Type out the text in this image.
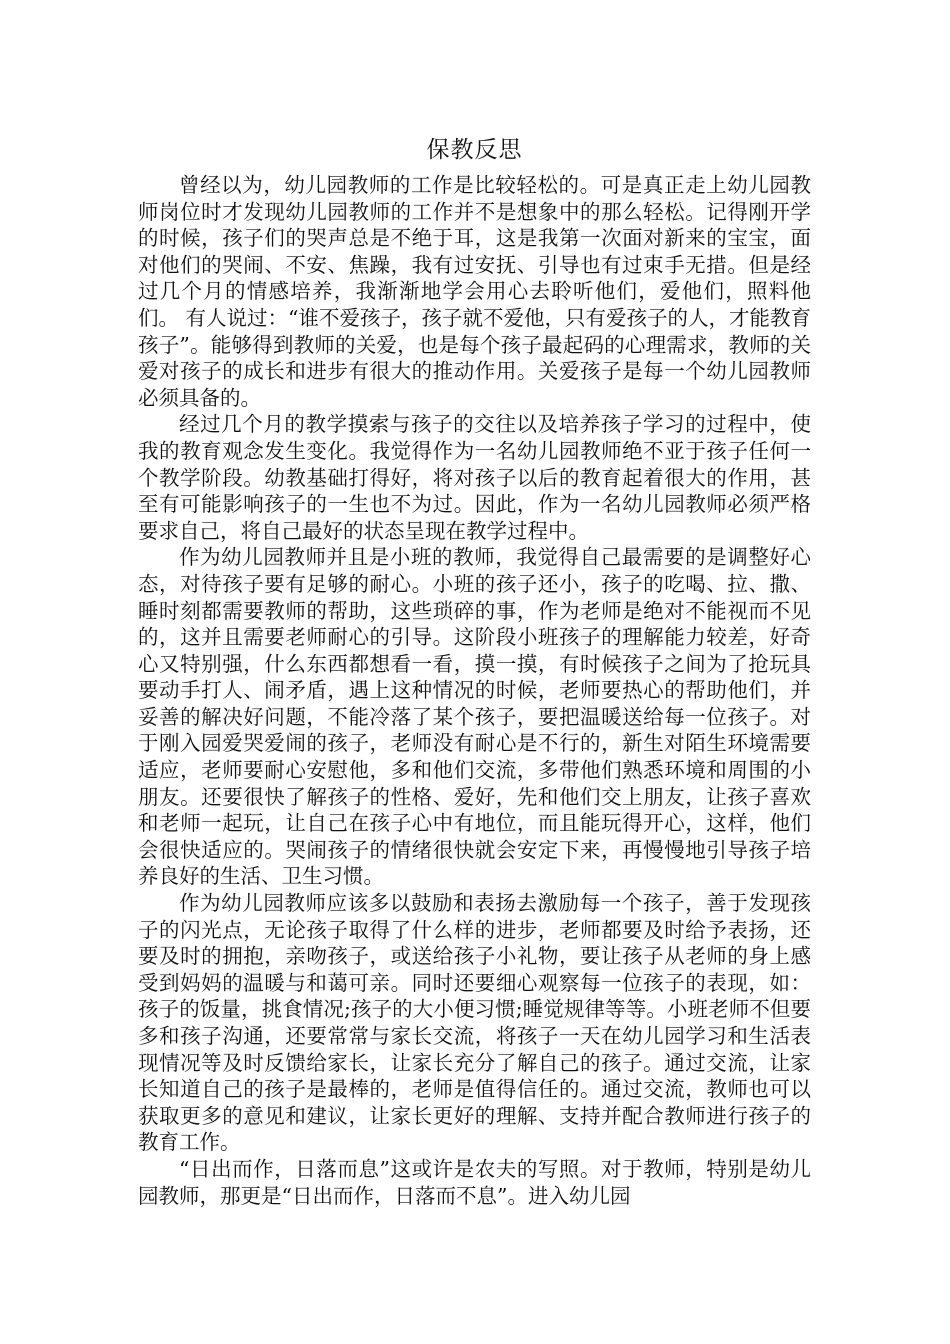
保教反思

曾经以为，幼儿园教师的工作是比较轻松的。可是真正走上幼儿园教师岗位时才发现幼儿园教师的工作并不是想象中的那么轻松。记得刚开学的时候，孩子们的哭声总是不绝于耳，这是我第一次面对新来的宝宝，面对他们的哭闹、不安、焦躁，我有过安抚、引导也有过束手无措。但是经过几个月的情感培养，我渐渐地学会用心去聆听他们，爱他们，照料他们。 有人说过：“谁不爱孩子，孩子就不爱他，只有爱孩子的人，才能教育孩子”。能够得到教师的关爱，也是每个孩子最起码的心理需求，教师的关爱对孩子的成长和进步有很大的推动作用。关爱孩子是每一个幼儿园教师必须具备的。

经过几个月的教学摸索与孩子的交往以及培养孩子学习的过程中，使我的教育观念发生变化。我觉得作为一名幼儿园教师绝不亚于孩子任何一个教学阶段。幼教基础打得好，将对孩子以后的教育起着很大的作用，甚至有可能影响孩子的一生也不为过。因此，作为一名幼儿园教师必须严格要求自己，将自己最好的状态呈现在教学过程中。

作为幼儿园教师并且是小班的教师，我觉得自己最需要的是调整好心态，对待孩子要有足够的耐心。小班的孩子还小，孩子的吃喝、拉、撒、睡时刻都需要教师的帮助，这些琐碎的事，作为老师是绝对不能视而不见的，这并且需要老师耐心的引导。这阶段小班孩子的理解能力较差，好奇心又特别强，什么东西都想看一看，摸一摸，有时候孩子之间为了抢玩具要动手打人、闹矛盾，遇上这种情况的时候，老师要热心的帮助他们，并妥善的解决好问题，不能冷落了某个孩子，要把温暖送给每一位孩子。对于刚入园爱哭爱闹的孩子，老师没有耐心是不行的，新生对陌生环境需要适应，老师要耐心安慰他，多和他们交流，多带他们熟悉环境和周围的小朋友。还要很快了解孩子的性格、爱好，先和他们交上朋友，让孩子喜欢和老师一起玩，让自己在孩子心中有地位，而且能玩得开心，这样，他们会很快适应的。哭闹孩子的情绪很快就会安定下来，再慢慢地引导孩子培养良好的生活、卫生习惯。

作为幼儿园教师应该多以鼓励和表扬去激励每一个孩子，善于发现孩子的闪光点，无论孩子取得了什么样的进步，老师都要及时给予表扬，还要及时的拥抱，亲吻孩子，或送给孩子小礼物，要让孩子从老师的身上感受到妈妈的温暖与和蔼可亲。同时还要细心观察每一位孩子的表现，如：孩子的饭量，挑食情况;孩子的大小便习惯;睡觉规律等等。小班老师不但要多和孩子沟通，还要常常与家长交流，将孩子一天在幼儿园学习和生活表现情况等及时反馈给家长，让家长充分了解自己的孩子。通过交流，让家长知道自己的孩子是最棒的，老师是值得信任的。通过交流，教师也可以获取更多的意见和建议，让家长更好的理解、支持并配合教师进行孩子的教育工作。

“日出而作，日落而息”这或许是农夫的写照。对于教师，特别是幼儿园教师，那更是“日出而作，日落而不息”。进入幼儿园
